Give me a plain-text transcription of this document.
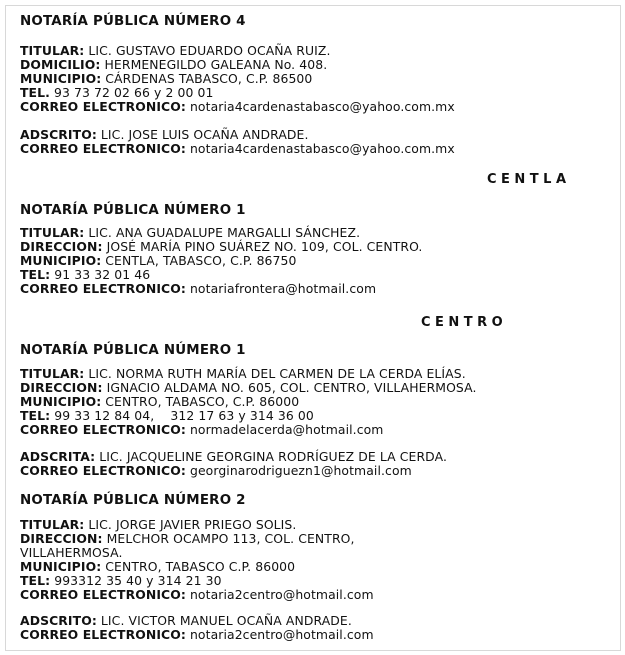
NOTARÍA PÚBLICA NÚMERO 4
TITULAR: LIC. GUSTAVO EDUARDO OCAÑA RUIZ.
DOMICILIO: HERMENEGILDO GALEANA No. 408.
MUNICIPIO: CÁRDENAS TABASCO, C.P. 86500
TEL. 93 73 72 02 66 y 2 00 01
CORREO ELECTRONICO: notaria4cardenastabasco@yahoo.com.mx
ADSCRITO: LIC. JOSE LUIS OCAÑA ANDRADE.
CORREO ELECTRONICO: notaria4cardenastabasco@yahoo.com.mx
CENTLA
NOTARÍA PÚBLICA NÚMERO 1
TITULAR: LIC. ANA GUADALUPE MARGALLI SÁNCHEZ.
DIRECCION: JOSÉ MARÍA PINO SUÁREZ NO. 109, COL. CENTRO.
MUNICIPIO: CENTLA, TABASCO, C.P. 86750
TEL: 91 33 32 01 46
CORREO ELECTRONICO: notariafrontera@hotmail.com
CENTRO
NOTARÍA PÚBLICA NÚMERO 1
TITULAR: LIC. NORMA RUTH MARÍA DEL CARMEN DE LA CERDA ELÍAS.
DIRECCION: IGNACIO ALDAMA NO. 605, COL. CENTRO, VILLAHERMOSA.
MUNICIPIO: CENTRO, TABASCO, C.P. 86000
TEL: 99 33 12 84 04,    312 17 63 y 314 36 00
CORREO ELECTRONICO: normadelacerda@hotmail.com
ADSCRITA: LIC. JACQUELINE GEORGINA RODRÍGUEZ DE LA CERDA.
CORREO ELECTRONICO: georginarodriguezn1@hotmail.com
NOTARÍA PÚBLICA NÚMERO 2
TITULAR: LIC. JORGE JAVIER PRIEGO SOLIS.
DIRECCION: MELCHOR OCAMPO 113, COL. CENTRO,
VILLAHERMOSA.
MUNICIPIO: CENTRO, TABASCO C.P. 86000
TEL: 993312 35 40 y 314 21 30
CORREO ELECTRONICO: notaria2centro@hotmail.com
ADSCRITO: LIC. VICTOR MANUEL OCAÑA ANDRADE.
CORREO ELECTRONICO: notaria2centro@hotmail.com
